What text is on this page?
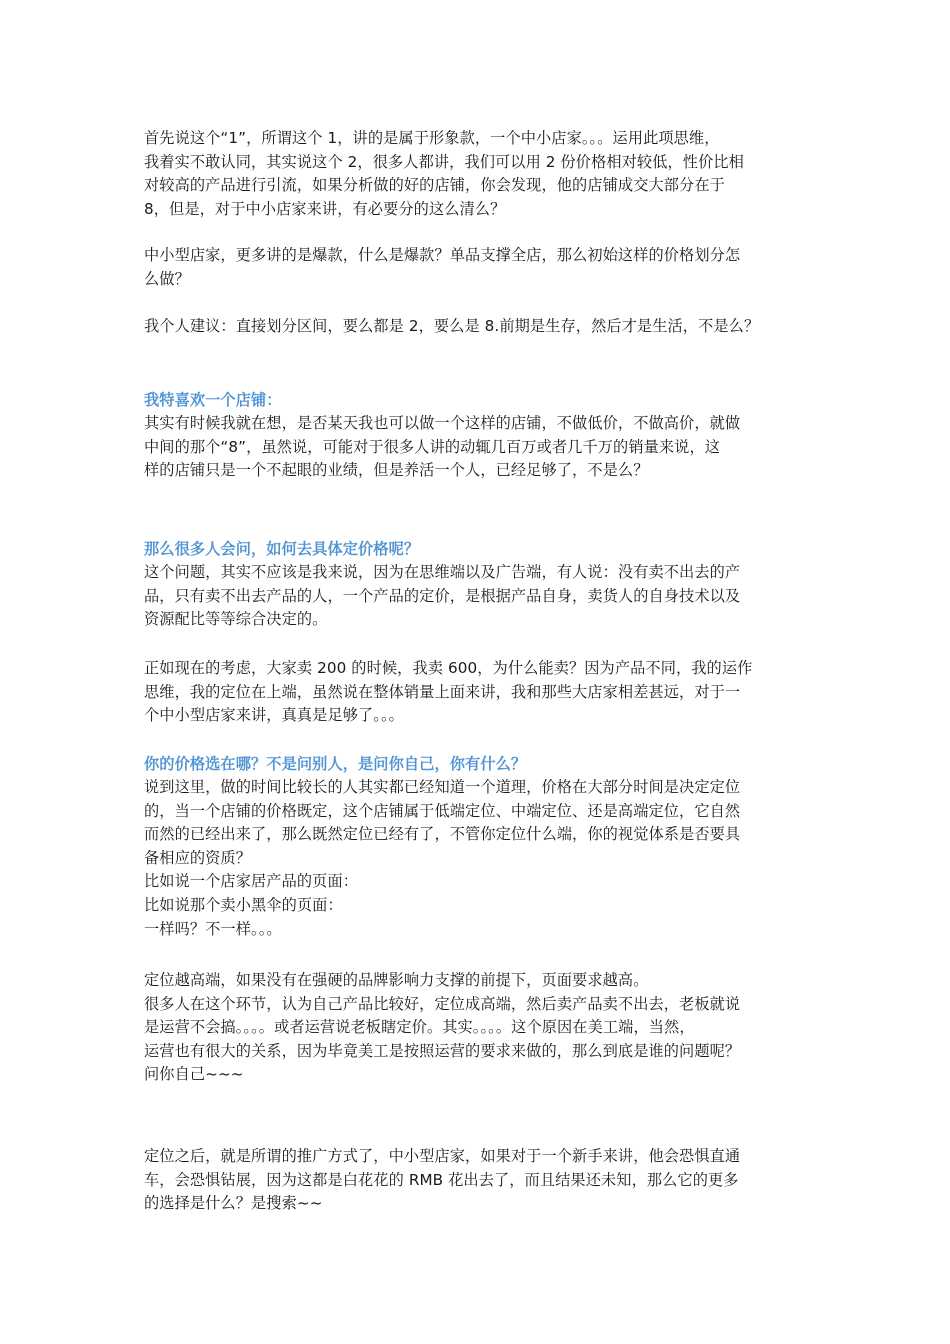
首先说这个“1”，所谓这个 1，讲的是属于形象款，一个中小店家。。。运用此项思维，
我着实不敢认同，其实说这个 2，很多人都讲，我们可以用 2 份价格相对较低，性价比相
对较高的产品进行引流，如果分析做的好的店铺，你会发现，他的店铺成交大部分在于
8，但是，对于中小店家来讲，有必要分的这么清么？
中小型店家，更多讲的是爆款，什么是爆款？单品支撑全店，那么初始这样的价格划分怎
么做？
我个人建议：直接划分区间，要么都是 2，要么是 8.前期是生存，然后才是生活，不是么？
我特喜欢一个店铺：
其实有时候我就在想，是否某天我也可以做一个这样的店铺，不做低价，不做高价，就做
中间的那个“8”，虽然说，可能对于很多人讲的动辄几百万或者几千万的销量来说，这
样的店铺只是一个不起眼的业绩，但是养活一个人，已经足够了，不是么？
那么很多人会问，如何去具体定价格呢？
这个问题，其实不应该是我来说，因为在思维端以及广告端，有人说：没有卖不出去的产
品，只有卖不出去产品的人，一个产品的定价，是根据产品自身，卖货人的自身技术以及
资源配比等等综合决定的。
正如现在的考虑，大家卖 200 的时候，我卖 600，为什么能卖？因为产品不同，我的运作
思维，我的定位在上端，虽然说在整体销量上面来讲，我和那些大店家相差甚远，对于一
个中小型店家来讲，真真是足够了。。。
你的价格选在哪？不是问别人，是问你自己，你有什么？
说到这里，做的时间比较长的人其实都已经知道一个道理，价格在大部分时间是决定定位
的，当一个店铺的价格既定，这个店铺属于低端定位、中端定位、还是高端定位，它自然
而然的已经出来了，那么既然定位已经有了，不管你定位什么端，你的视觉体系是否要具
备相应的资质？
比如说一个店家居产品的页面：
比如说那个卖小黑伞的页面：
一样吗？不一样。。。
定位越高端，如果没有在强硬的品牌影响力支撑的前提下，页面要求越高。
很多人在这个环节，认为自己产品比较好，定位成高端，然后卖产品卖不出去，老板就说
是运营不会搞。。。。或者运营说老板瞎定价。其实。。。。这个原因在美工端，当然，
运营也有很大的关系，因为毕竟美工是按照运营的要求来做的，那么到底是谁的问题呢？
问你自己~~~
定位之后，就是所谓的推广方式了，中小型店家，如果对于一个新手来讲，他会恐惧直通
车，会恐惧钻展，因为这都是白花花的 RMB 花出去了，而且结果还未知，那么它的更多
的选择是什么？是搜索~~
